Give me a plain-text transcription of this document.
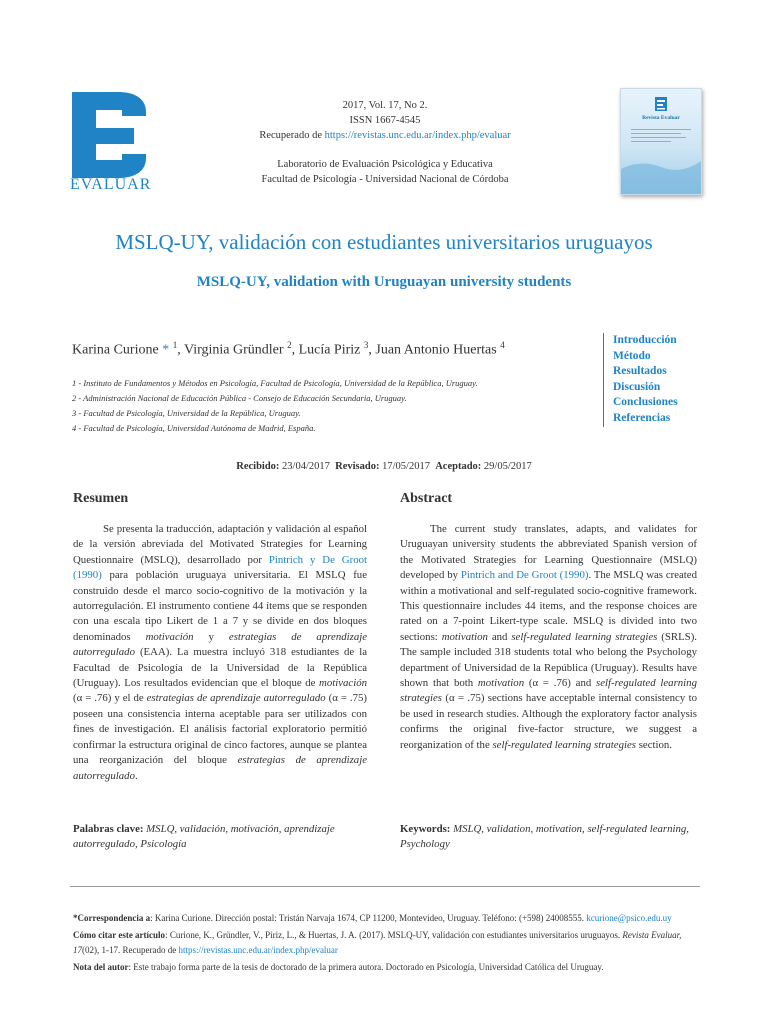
EVALUAR
2017, Vol. 17, No 2.
ISSN 1667-4545
Recuperado de https://revistas.unc.edu.ar/index.php/evaluar
Laboratorio de Evaluación Psicológica y Educativa
Facultad de Psicología - Universidad Nacional de Córdoba
Revista Evaluar
MSLQ-UY, validación con estudiantes universitarios uruguayos
MSLQ-UY, validation with Uruguayan university students
Karina Curione * $^1$, Virginia Gründler $^2$, Lucía Piriz $^3$, Juan Antonio Huertas $^4$
1 - Instituto de Fundamentos y Métodos en Psicología, Facultad de Psicología, Universidad de la República, Uruguay.
2 - Administración Nacional de Educación Pública - Consejo de Educación Secundaria, Uruguay.
3 - Facultad de Psicología, Universidad de la República, Uruguay.
4 - Facultad de Psicología, Universidad Autónoma de Madrid, España.
Introducción
Método
Resultados
Discusión
Conclusiones
Referencias
Recibido: 23/04/2017 Revisado: 17/05/2017 Aceptado: 29/05/2017
Resumen	Abstract

Se presenta la traducción, adaptación y validación al español de la versión abreviada del Motivated Strategies for Learning Questionnaire (MSLQ), desarrollado por Pintrich y De Groot (1990) para población uruguaya universitaria. El MSLQ fue construido desde el marco socio-cognitivo de la motivación y la autorregulación. El instrumento contiene 44 ítems que se responden con una escala tipo Likert de 1 a 7 y se divide en dos bloques denominados motivación y estrategias de aprendizaje autorregulado (EAA). La muestra incluyó 318 estudiantes de la Facultad de Psicología de la Universidad de la República (Uruguay). Los resultados evidencian que el bloque de motivación (α = .76) y el de estrategias de aprendizaje autorregulado (α = .75) poseen una consistencia interna aceptable para ser utilizados con fines de investigación. El análisis factorial exploratorio permitió confirmar la estructura original de cinco factores, aunque se plantea una reorganización del bloque estrategias de aprendizaje autorregulado.

The current study translates, adapts, and validates for Uruguayan university students the abbreviated Spanish version of the Motivated Strategies for Learning Questionnaire (MSLQ) developed by Pintrich and De Groot (1990). The MSLQ was created within a motivational and self-regulated socio-cognitive framework. This questionnaire includes 44 items, and the response choices are rated on a 7-point Likert-type scale. MSLQ is divided into two sections: motivation and self-regulated learning strategies (SRLS). The sample included 318 students total who belong the Psychology department of Universidad de la República (Uruguay). Results have shown that both motivation (α = .76) and self-regulated learning strategies (α = .75) sections have acceptable internal consistency to be used in research studies. Although the exploratory factor analysis confirms the original five-factor structure, we suggest a reorganization of the self-regulated learning strategies section.

Palabras clave: MSLQ, validación, motivación, aprendizaje autorregulado, Psicología
Keywords: MSLQ, validation, motivation, self-regulated learning, Psychology

*Correspondencia a: Karina Curione. Dirección postal: Tristán Narvaja 1674, CP 11200, Montevideo, Uruguay. Teléfono: (+598) 24008555. kcurione@psico.edu.uy

Cómo citar este artículo: Curione, K., Gründler, V., Piriz, L., & Huertas, J. A. (2017). MSLQ-UY, validación con estudiantes universitarios uruguayos. Revista Evaluar, 17(02), 1-17. Recuperado de https://revistas.unc.edu.ar/index.php/evaluar

Nota del autor: Este trabajo forma parte de la tesis de doctorado de la primera autora. Doctorado en Psicología, Universidad Católica del Uruguay.
